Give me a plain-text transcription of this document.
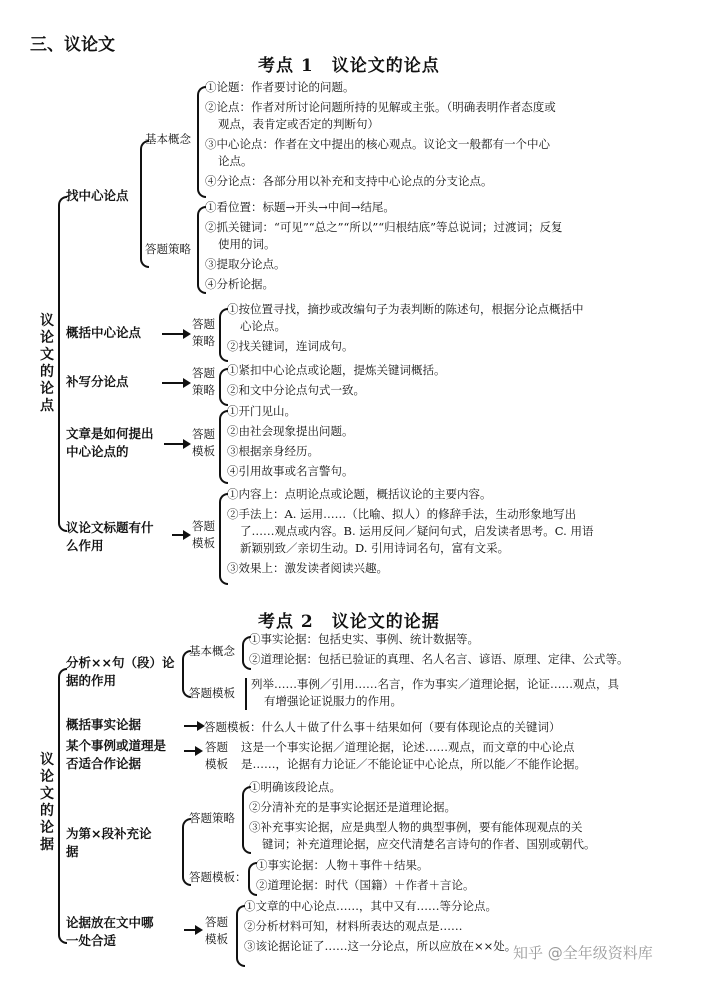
三、议论文
考点 1　议论文的论点
议论文的论点
找中心论点
基本概念
①论题：作者要讨论的问题。
②论点：作者对所讨论问题所持的见解或主张。（明确表明作者态度或
观点，表肯定或否定的判断句）
③中心论点：作者在文中提出的核心观点。议论文一般都有一个中心
论点。
④分论点：各部分用以补充和支持中心论点的分支论点。
答题策略
①看位置：标题→开头→中间→结尾。
②抓关键词：“可见”“总之”“所以”“归根结底”等总说词；过渡词；反复
使用的词。
③提取分论点。
④分析论据。
概括中心论点
答题
策略
①按位置寻找，摘抄或改编句子为表判断的陈述句，根据分论点概括中
心论点。
②找关键词，连词成句。
补写分论点
答题
策略
①紧扣中心论点或论题，提炼关键词概括。
②和文中分论点句式一致。
文章是如何提出
中心论点的
答题
模板
①开门见山。
②由社会现象提出问题。
③根据亲身经历。
④引用故事或名言警句。
议论文标题有什
么作用
答题
模板
①内容上：点明论点或论题，概括议论的主要内容。
②手法上：A. 运用……（比喻、拟人）的修辞手法，生动形象地写出
了……观点或内容。B. 运用反问／疑问句式，启发读者思考。C. 用语
新颖别致／亲切生动。D. 引用诗词名句，富有文采。
③效果上：激发读者阅读兴趣。
考点 2　议论文的论据
议论文的论据
分析××句（段）论
据的作用
基本概念
①事实论据：包括史实、事例、统计数据等。
②道理论据：包括已验证的真理、名人名言、谚语、原理、定律、公式等。
答题模板
列举……事例／引用……名言，作为事实／道理论据，论证……观点，具
有增强论证说服力的作用。
概括事实论据	答题模板：什么人＋做了什么事＋结果如何（要有体现论点的关键词）
某个事例或道理是
否适合作论据
答题
模板
这是一个事实论据／道理论据，论述……观点，而文章的中心论点
是……，论据有力论证／不能论证中心论点，所以能／不能作论据。
为第×段补充论
据
答题策略
①明确该段论点。
②分清补充的是事实论据还是道理论据。
③补充事实论据，应是典型人物的典型事例，要有能体现观点的关
键词；补充道理论据，应交代清楚名言诗句的作者、国别或朝代。
答题模板：
①事实论据：人物＋事件＋结果。
②道理论据：时代（国籍）＋作者＋言论。
论据放在文中哪
一处合适
答题
模板
①文章的中心论点……，其中又有……等分论点。
②分析材料可知，材料所表达的观点是……
③该论据论证了……这一分论点，所以应放在××处。
知乎 @全年级资料库
